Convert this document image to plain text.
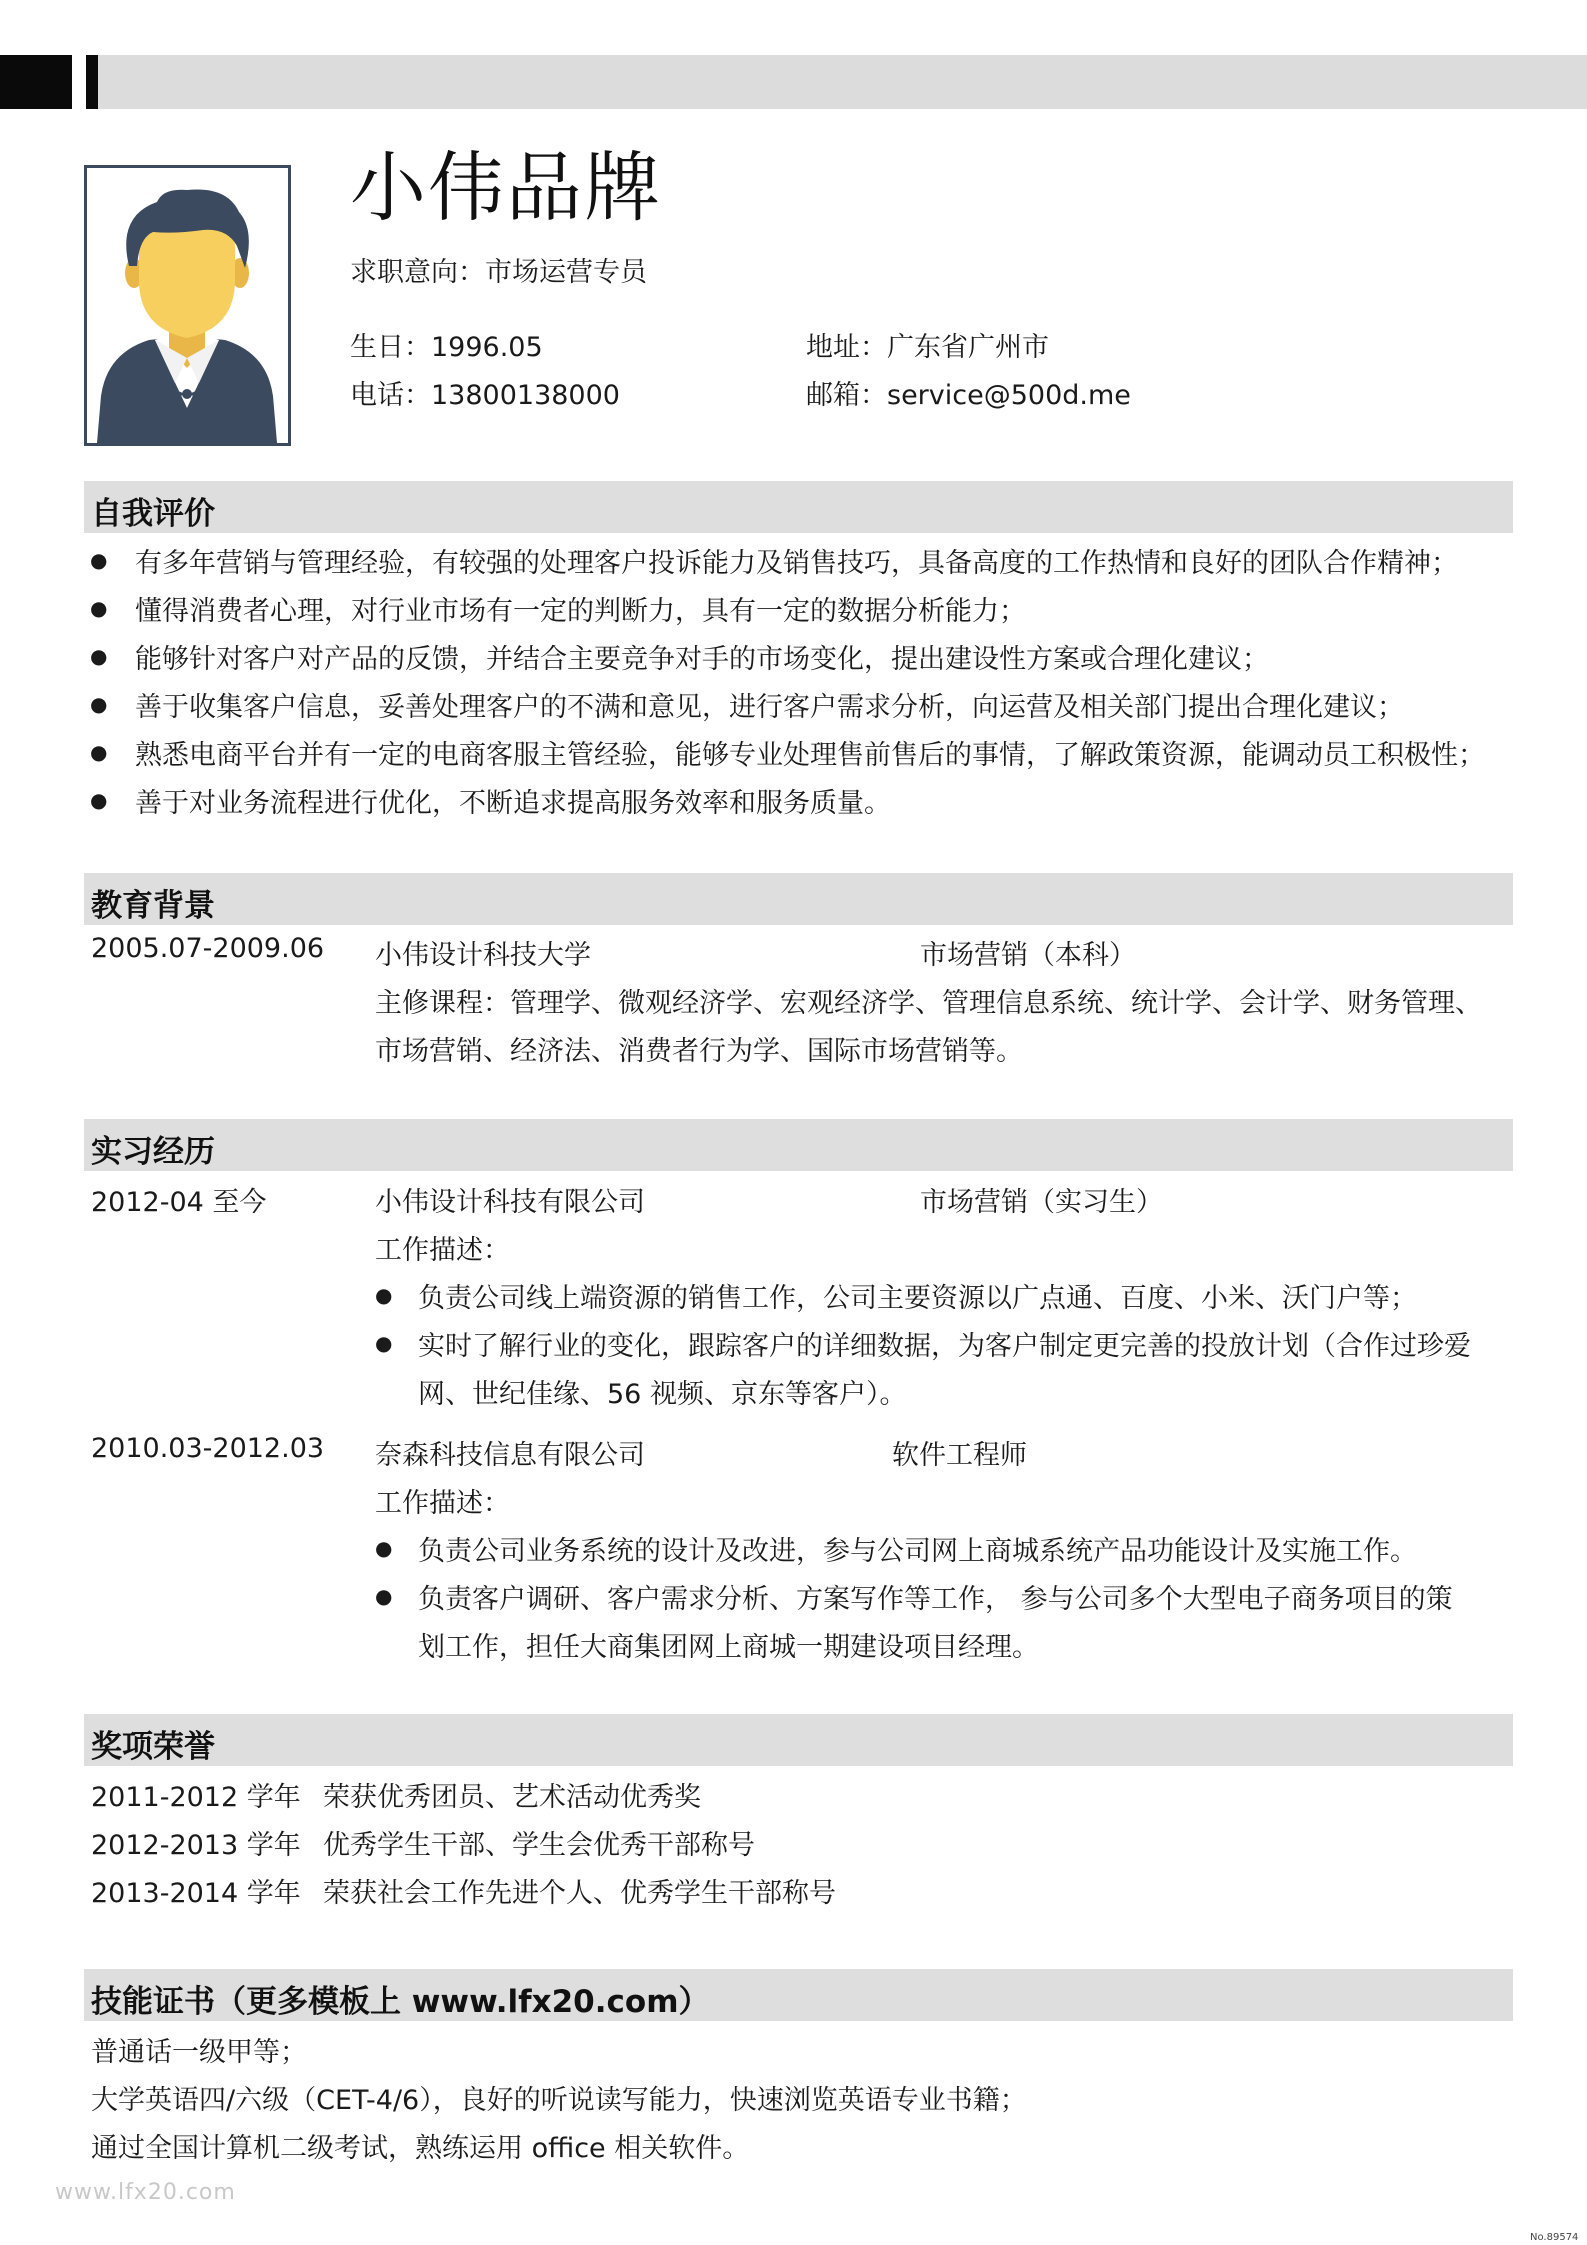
小伟品牌
求职意向：市场运营专员
生日：1996.05	地址：广东省广州市
电话：13800138000	邮箱：service@500d.me
自我评价
● 有多年营销与管理经验，有较强的处理客户投诉能力及销售技巧，具备高度的工作热情和良好的团队合作精神；
● 懂得消费者心理，对行业市场有一定的判断力，具有一定的数据分析能力；
● 能够针对客户对产品的反馈，并结合主要竞争对手的市场变化，提出建设性方案或合理化建议；
● 善于收集客户信息，妥善处理客户的不满和意见，进行客户需求分析，向运营及相关部门提出合理化建议；
● 熟悉电商平台并有一定的电商客服主管经验，能够专业处理售前售后的事情，了解政策资源，能调动员工积极性；
● 善于对业务流程进行优化，不断追求提高服务效率和服务质量。
教育背景
2005.07-2009.06 小伟设计科技大学	市场营销（本科）
主修课程：管理学、微观经济学、宏观经济学、管理信息系统、统计学、会计学、财务管理、
市场营销、经济法、消费者行为学、国际市场营销等。
实习经历
2012-04 至今	小伟设计科技有限公司	市场营销（实习生）
工作描述：
● 负责公司线上端资源的销售工作，公司主要资源以广点通、百度、小米、沃门户等；
● 实时了解行业的变化，跟踪客户的详细数据，为客户制定更完善的投放计划（合作过珍爱
网、世纪佳缘、56 视频、京东等客户）。
2010.03-2012.03 奈森科技信息有限公司	软件工程师
工作描述：
● 负责公司业务系统的设计及改进，参与公司网上商城系统产品功能设计及实施工作。
● 负责客户调研、客户需求分析、方案写作等工作， 参与公司多个大型电子商务项目的策
划工作，担任大商集团网上商城一期建设项目经理。
奖项荣誉
2011-2012 学年 荣获优秀团员、艺术活动优秀奖
2012-2013 学年 优秀学生干部、学生会优秀干部称号
2013-2014 学年 荣获社会工作先进个人、优秀学生干部称号
技能证书（更多模板上 www.lfx20.com）
普通话一级甲等；
大学英语四/六级（CET-4/6），良好的听说读写能力，快速浏览英语专业书籍；
通过全国计算机二级考试，熟练运用 office 相关软件。
www.lfx20.com
No.89574
